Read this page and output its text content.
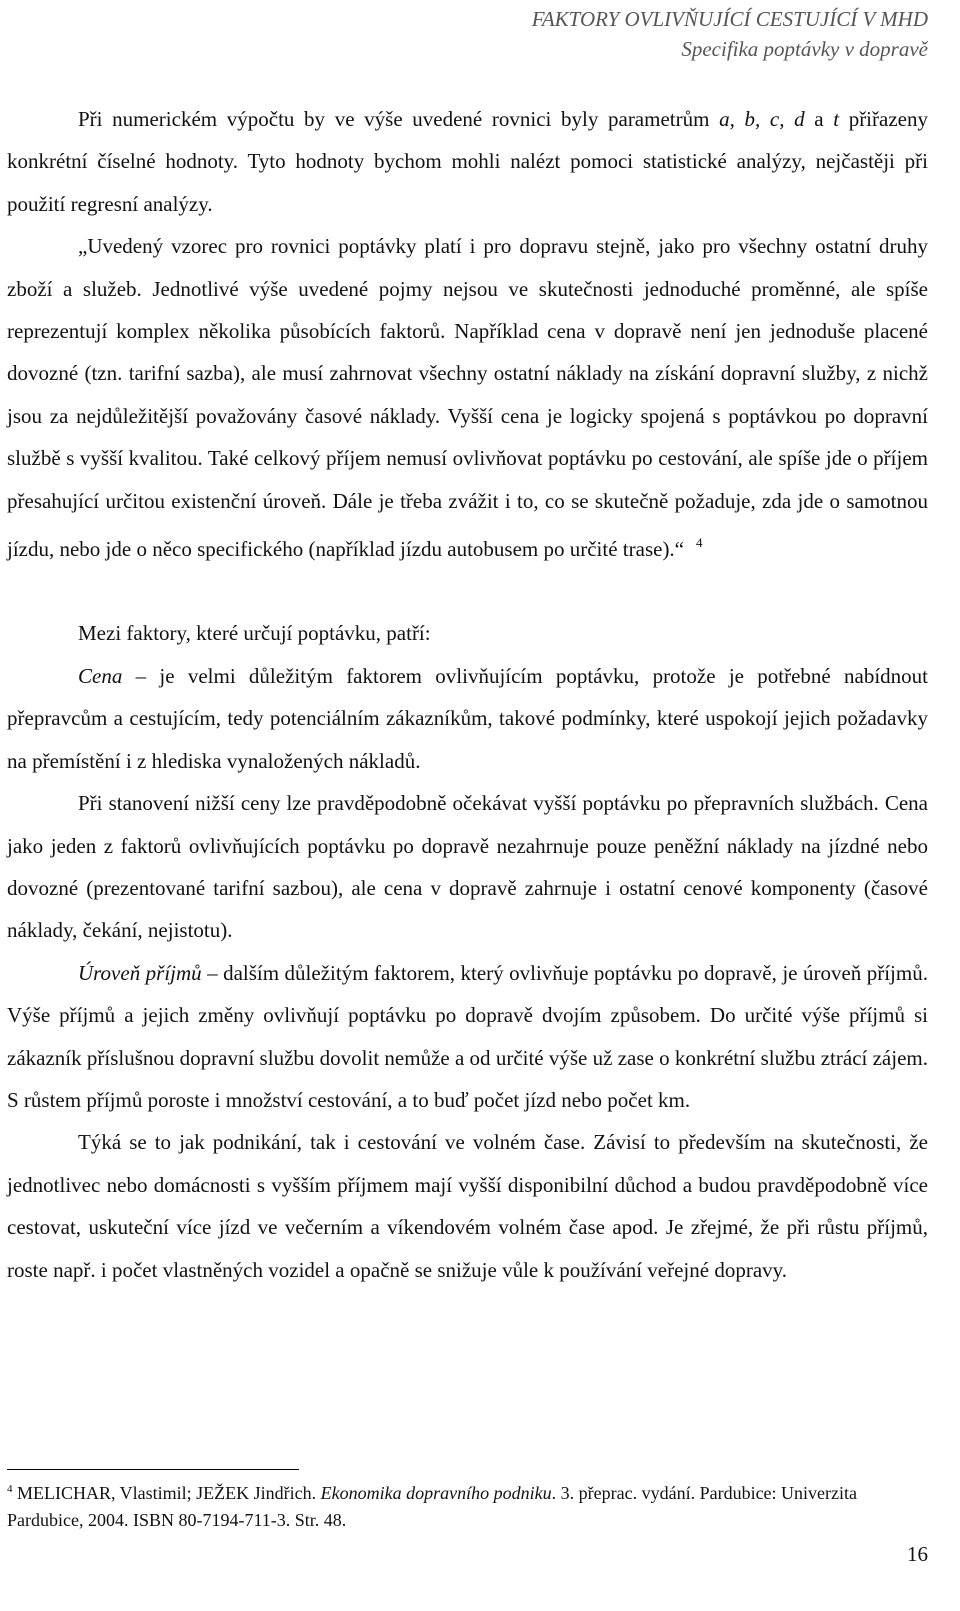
FAKTORY OVLIVŇUJÍCÍ CESTUJÍCÍ V MHD
Specifika poptávky v dopravě

Při numerickém výpočtu by ve výše uvedené rovnici byly parametrům a, b, c, d a t přiřazeny konkrétní číselné hodnoty. Tyto hodnoty bychom mohli nalézt pomoci statistické analýzy, nejčastěji při použití regresní analýzy.

„Uvedený vzorec pro rovnici poptávky platí i pro dopravu stejně, jako pro všechny ostatní druhy zboží a služeb. Jednotlivé výše uvedené pojmy nejsou ve skutečnosti jednoduché proměnné, ale spíše reprezentují komplex několika působících faktorů. Například cena v dopravě není jen jednoduše placené dovozné (tzn. tarifní sazba), ale musí zahrnovat všechny ostatní náklady na získání dopravní služby, z nichž jsou za nejdůležitější považovány časové náklady. Vyšší cena je logicky spojená s poptávkou po dopravní službě s vyšší kvalitou. Také celkový příjem nemusí ovlivňovat poptávku po cestování, ale spíše jde o příjem přesahující určitou existenční úroveň. Dále je třeba zvážit i to, co se skutečně požaduje, zda jde o samotnou jízdu, nebo jde o něco specifického (například jízdu autobusem po určité trase).“ $^4$

Mezi faktory, které určují poptávku, patří:

Cena – je velmi důležitým faktorem ovlivňujícím poptávku, protože je potřebné nabídnout přepravcům a cestujícím, tedy potenciálním zákazníkům, takové podmínky, které uspokojí jejich požadavky na přemístění i z hlediska vynaložených nákladů.

Při stanovení nižší ceny lze pravděpodobně očekávat vyšší poptávku po přepravních službách. Cena jako jeden z faktorů ovlivňujících poptávku po dopravě nezahrnuje pouze peněžní náklady na jízdné nebo dovozné (prezentované tarifní sazbou), ale cena v dopravě zahrnuje i ostatní cenové komponenty (časové náklady, čekání, nejistotu).

Úroveň příjmů – dalším důležitým faktorem, který ovlivňuje poptávku po dopravě, je úroveň příjmů. Výše příjmů a jejich změny ovlivňují poptávku po dopravě dvojím způsobem. Do určité výše příjmů si zákazník příslušnou dopravní službu dovolit nemůže a od určité výše už zase o konkrétní službu ztrácí zájem. S růstem příjmů poroste i množství cestování, a to buď počet jízd nebo počet km.

Týká se to jak podnikání, tak i cestování ve volném čase. Závisí to především na skutečnosti, že jednotlivec nebo domácnosti s vyšším příjmem mají vyšší disponibilní důchod a budou pravděpodobně více cestovat, uskuteční více jízd ve večerním a víkendovém volném čase apod. Je zřejmé, že při růstu příjmů, roste např. i počet vlastněných vozidel a opačně se snižuje vůle k používání veřejné dopravy.

$^4$ MELICHAR, Vlastimil; JEŽEK Jindřich. Ekonomika dopravního podniku. 3. přeprac. vydání. Pardubice: Univerzita Pardubice, 2004. ISBN 80-7194-711-3. Str. 48.
16
